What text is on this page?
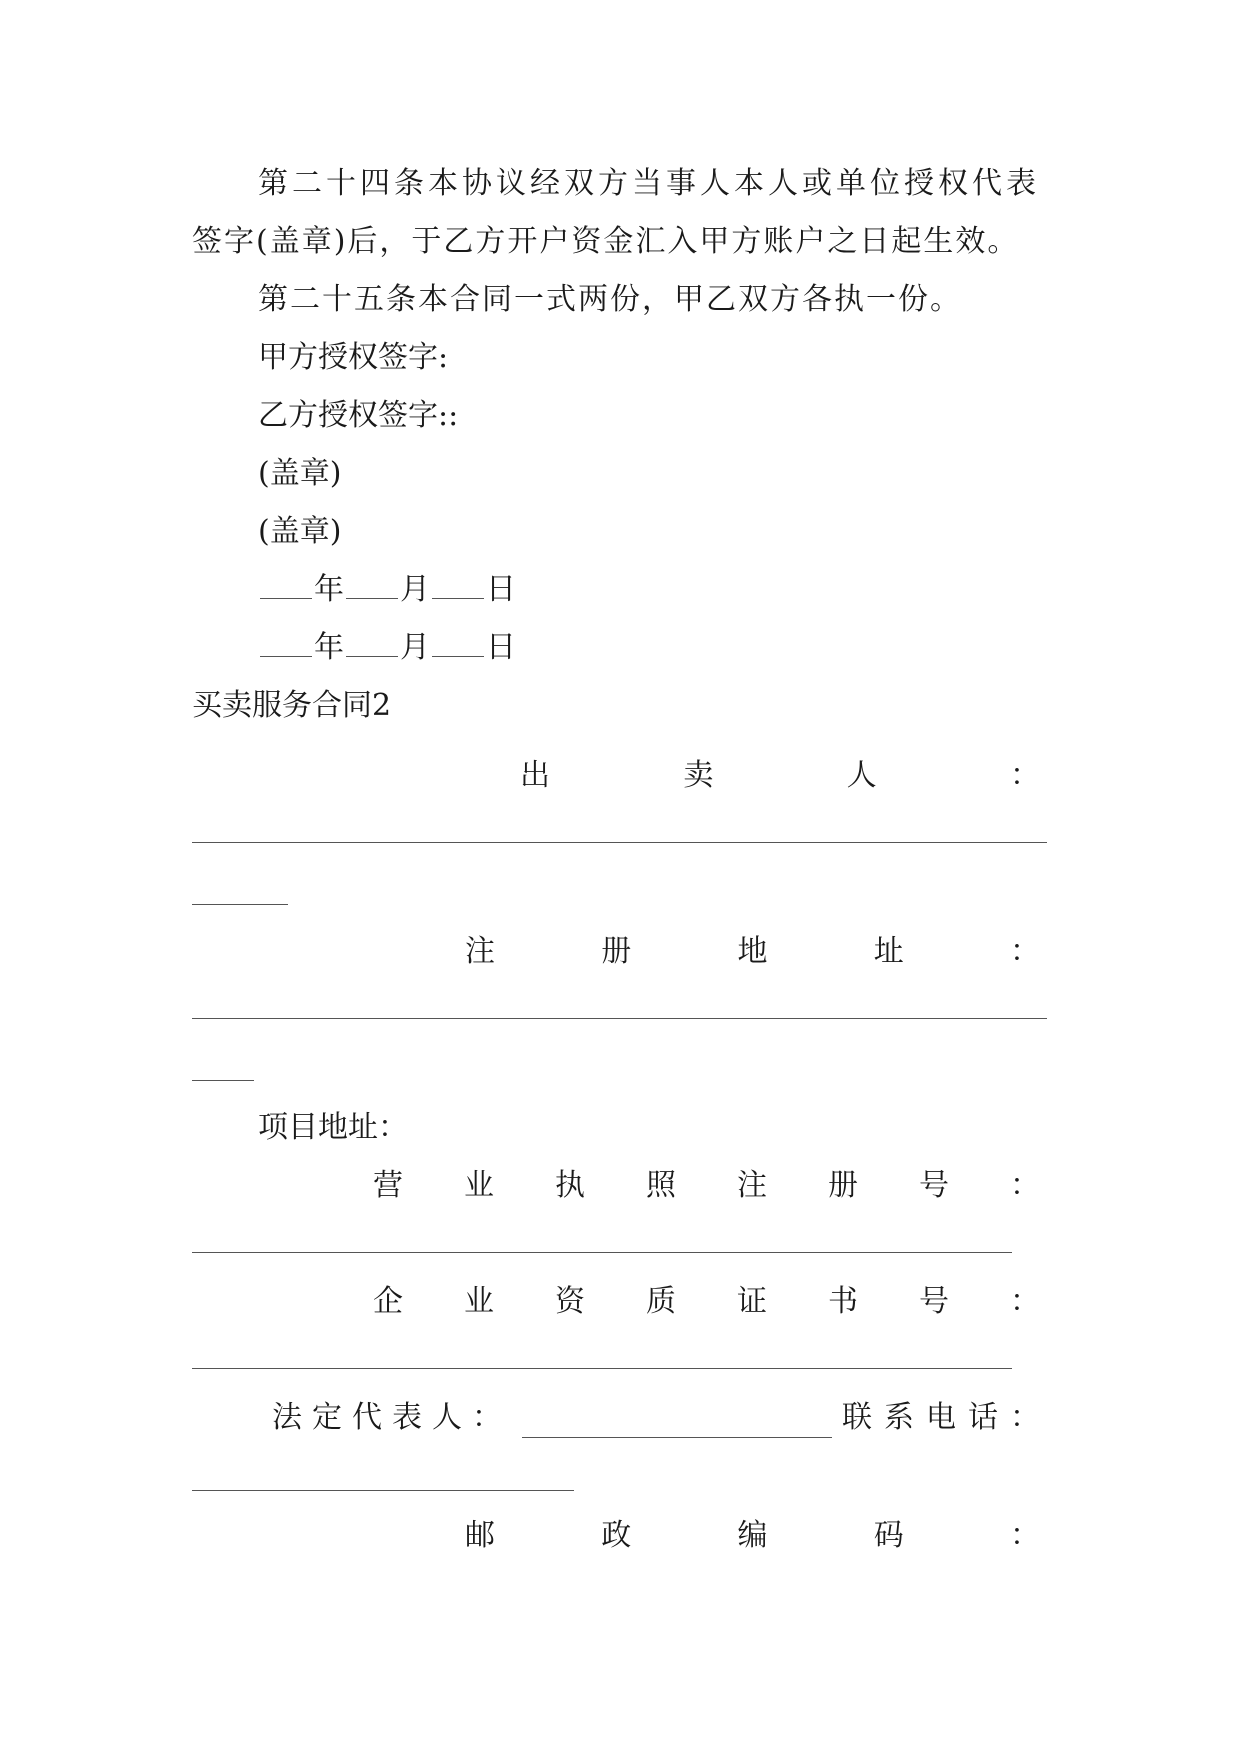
第二十四条本协议经双方当事人本人或单位授权代表
签字(盖章)后，于乙方开户资金汇入甲方账户之日起生效。
第二十五条本合同一式两份，甲乙双方各执一份。
甲方授权签字:
乙方授权签字::
(盖章)
(盖章)
年 月 日
年 月 日
买卖服务合同2
出	卖	人	：
注	册	地	址	：
项目地址：
营 业 执 照 注 册 号 ：
企 业 资 质 证 书 号 ：
法定代表人：	联系电话：
邮	政	编	码	：
